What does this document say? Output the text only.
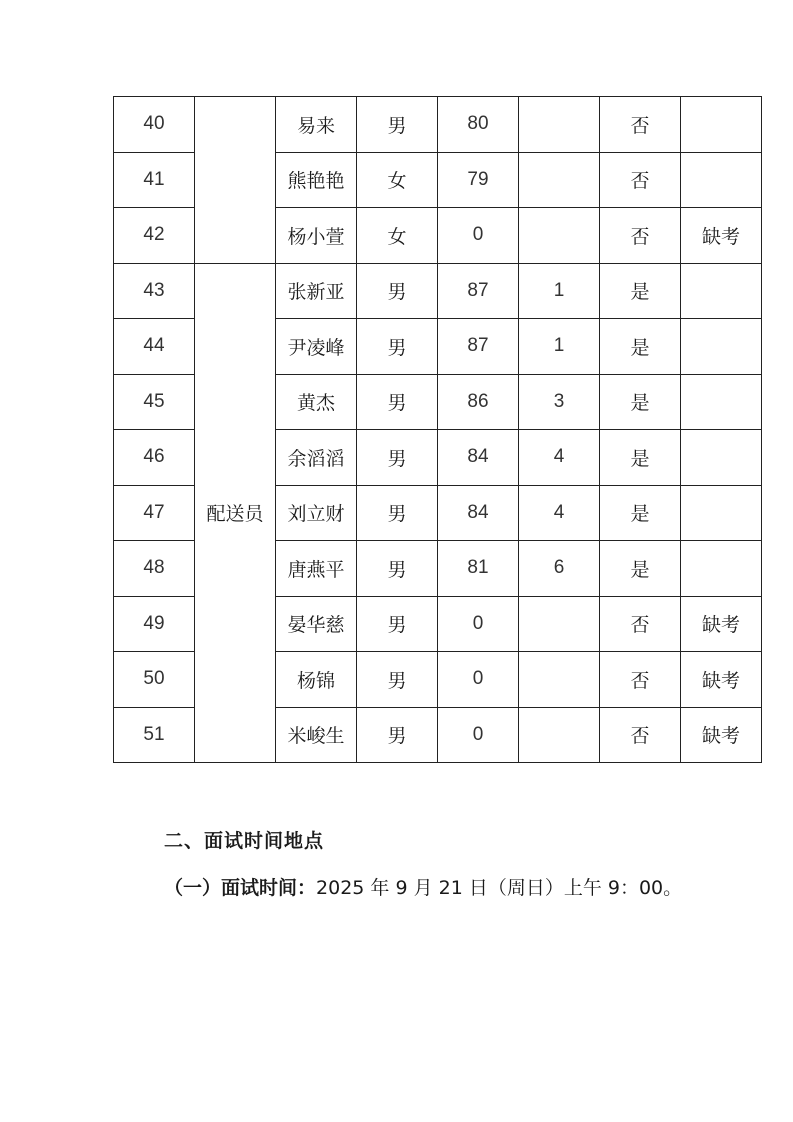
40		易来	男	80		否	
41		熊艳艳	女	79		否	
42		杨小萱	女	0		否	缺考
43	配送员	张新亚	男	87	1	是	
44		尹凌峰	男	87	1	是	
45		黄杰	男	86	3	是	
46		余滔滔	男	84	4	是	
47		刘立财	男	84	4	是	
48		唐燕平	男	81	6	是	
49		晏华慈	男	0		否	缺考
50		杨锦	男	0		否	缺考
51		米峻生	男	0		否	缺考
二、面试时间地点
（一）面试时间：2025 年 9 月 21 日（周日）上午 9：00。
